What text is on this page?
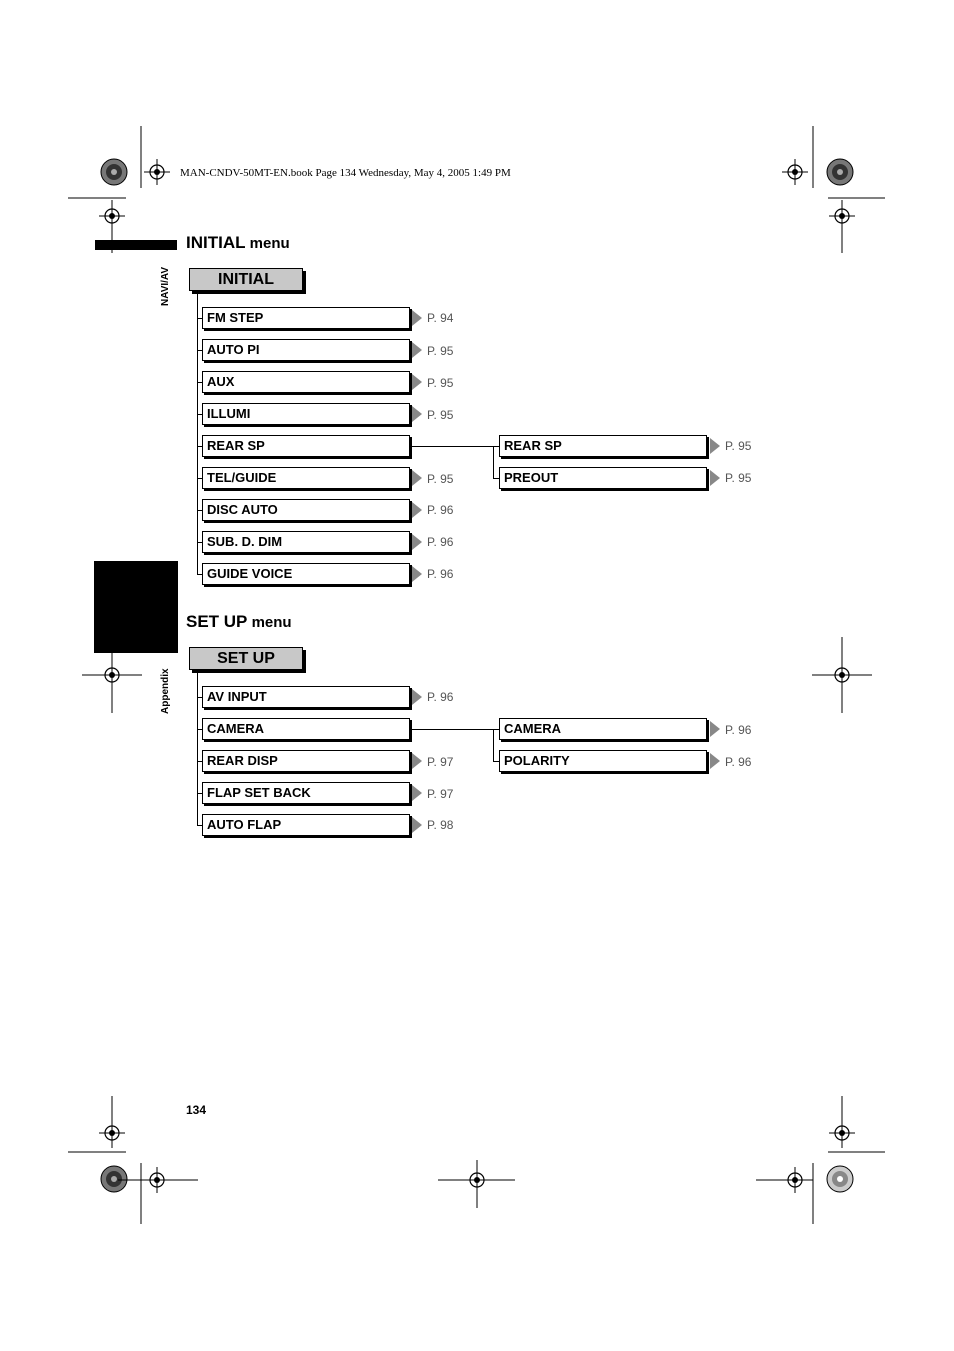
MAN-CNDV-50MT-EN.book Page 134 Wednesday, May 4, 2005 1:49 PM
NAVI/AV
Appendix
INITIAL menu
INITIAL
FM STEP	P. 94
AUTO PI	P. 95
AUX	P. 95
ILLUMI	P. 95
REAR SP
TEL/GUIDE	P. 95
DISC AUTO	P. 96
SUB. D. DIM	P. 96
GUIDE VOICE	P. 96
REAR SP	P. 95
PREOUT	P. 95
SET UP menu
SET UP
AV INPUT	P. 96
CAMERA
REAR DISP	P. 97
FLAP SET BACK	P. 97
AUTO FLAP	P. 98
CAMERA	P. 96
POLARITY	P. 96
134
